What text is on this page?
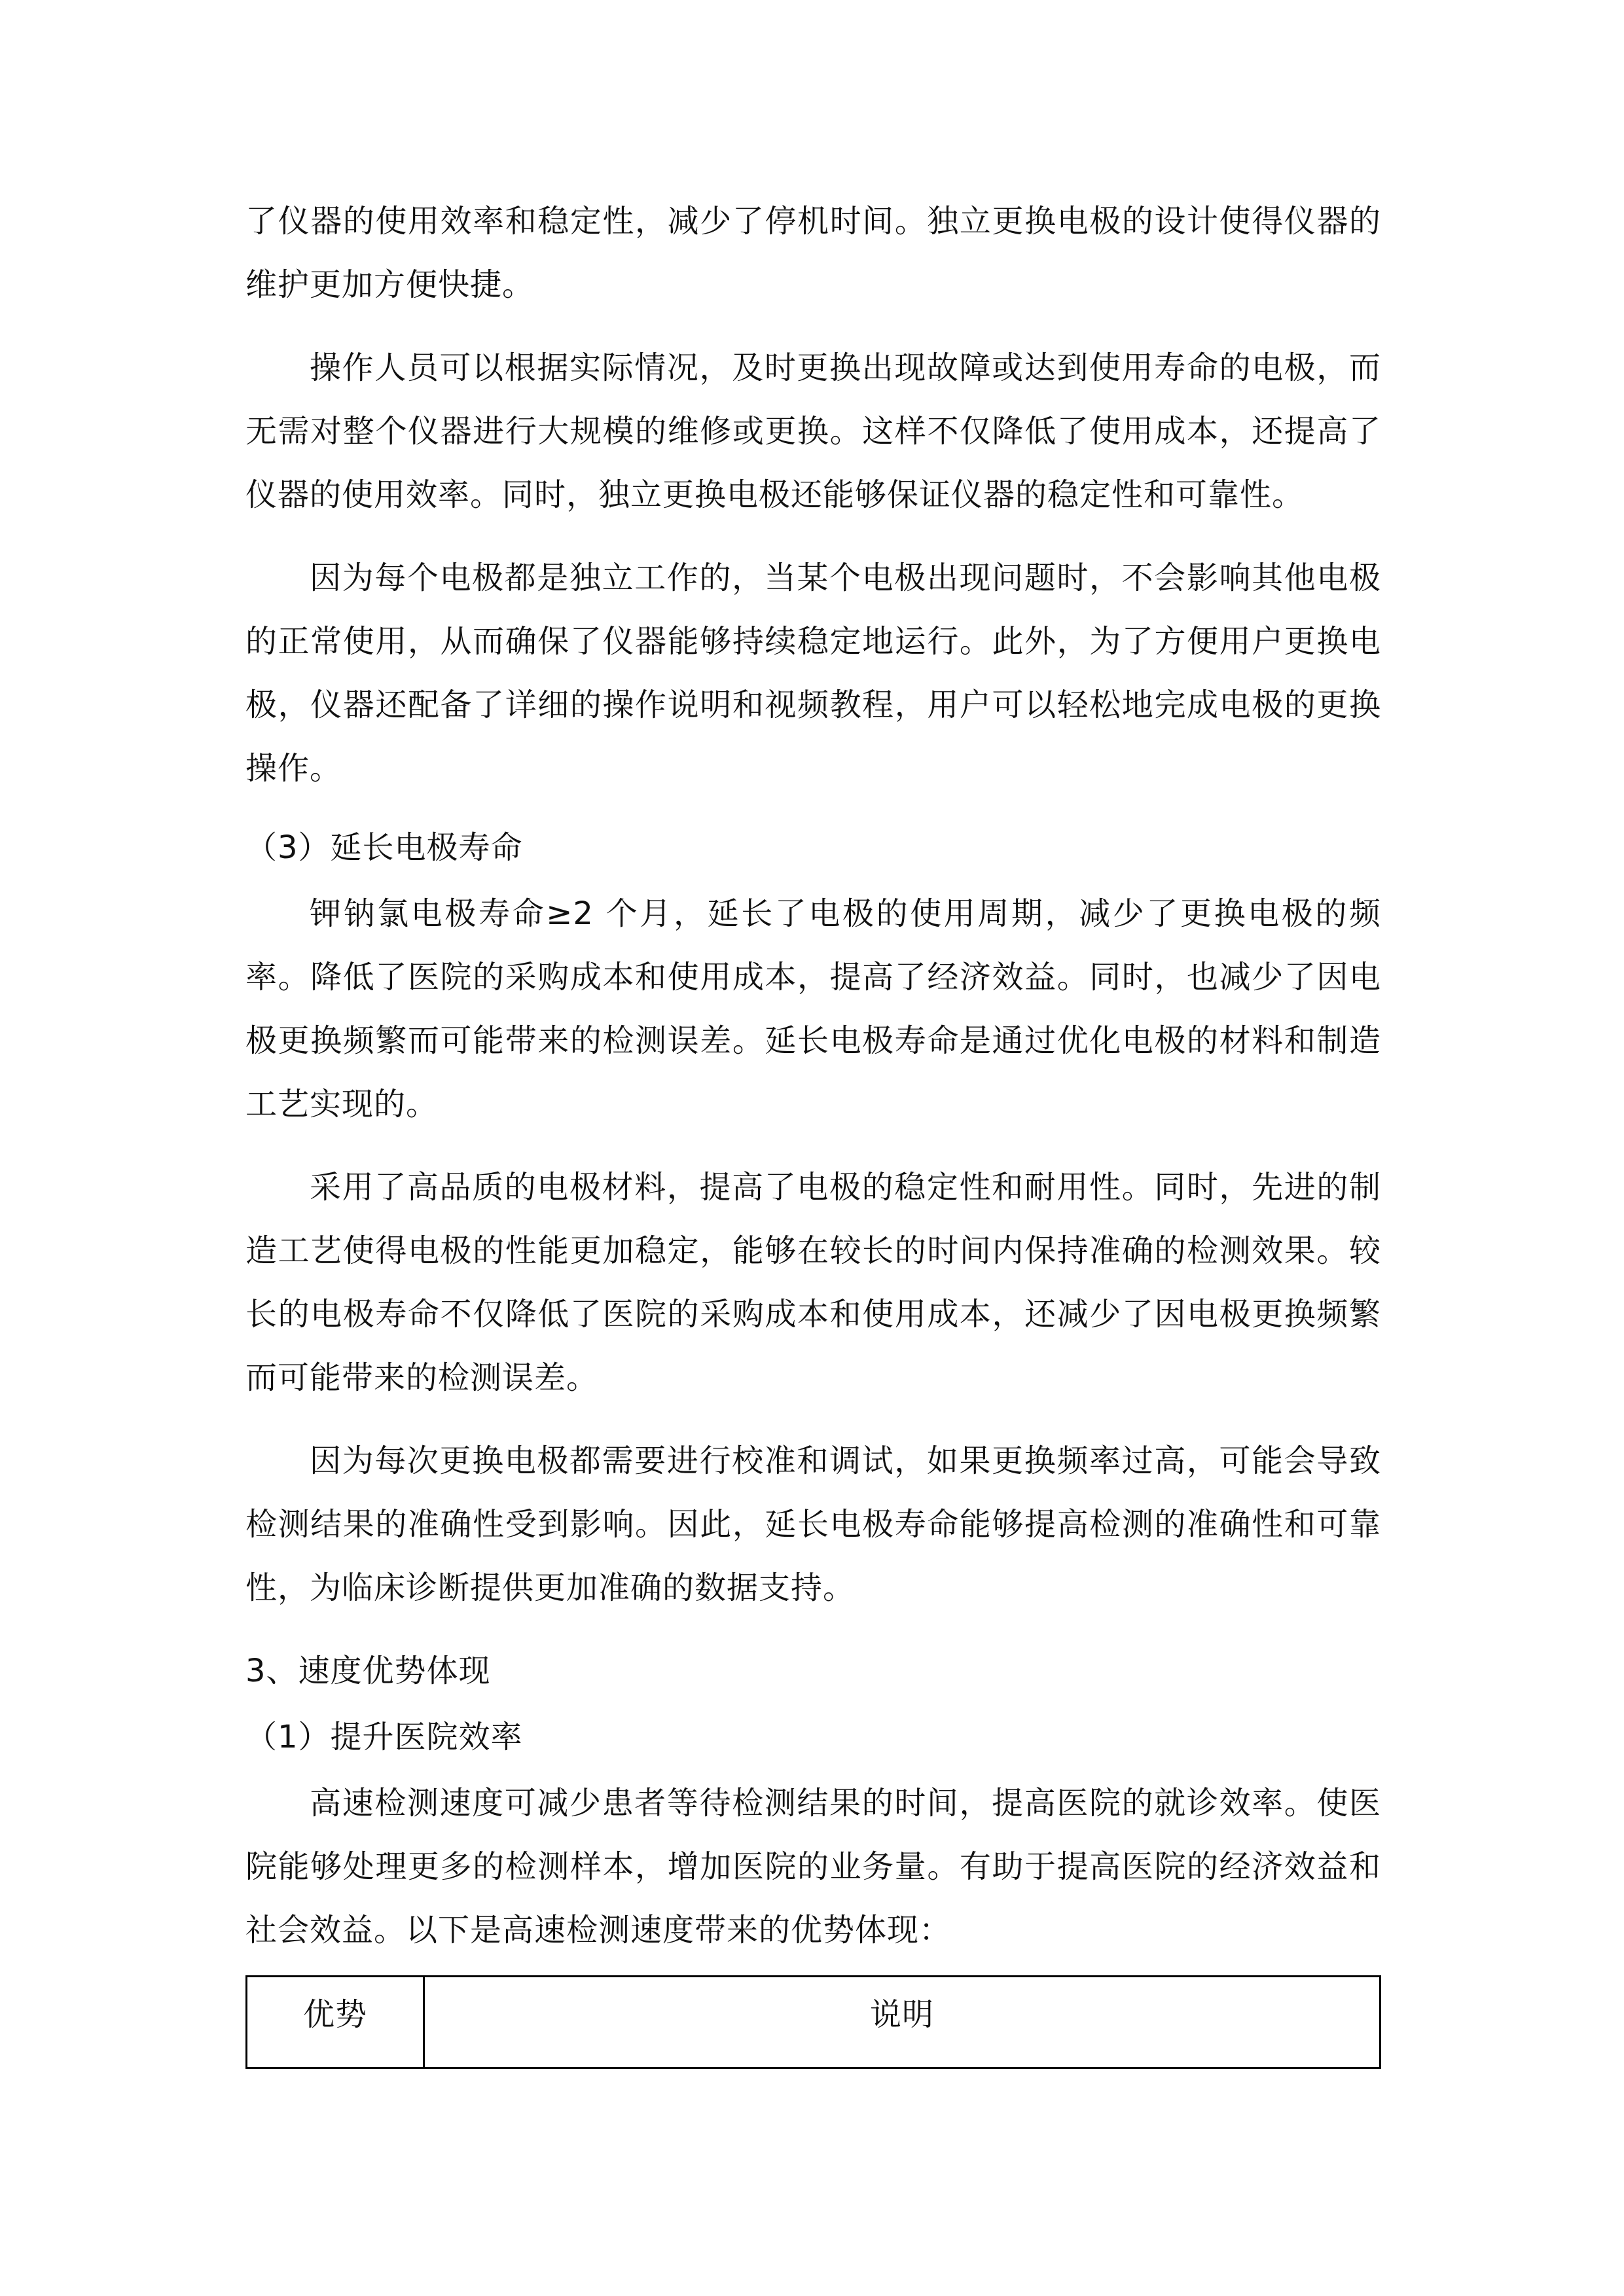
了仪器的使用效率和稳定性，减少了停机时间。独立更换电极的设计使得仪器的维护更加方便快捷。

操作人员可以根据实际情况，及时更换出现故障或达到使用寿命的电极，而无需对整个仪器进行大规模的维修或更换。这样不仅降低了使用成本，还提高了仪器的使用效率。同时，独立更换电极还能够保证仪器的稳定性和可靠性。

因为每个电极都是独立工作的，当某个电极出现问题时，不会影响其他电极的正常使用，从而确保了仪器能够持续稳定地运行。此外，为了方便用户更换电极，仪器还配备了详细的操作说明和视频教程，用户可以轻松地完成电极的更换操作。

（3）延长电极寿命

钾钠氯电极寿命≥2 个月，延长了电极的使用周期，减少了更换电极的频率。降低了医院的采购成本和使用成本，提高了经济效益。同时，也减少了因电极更换频繁而可能带来的检测误差。延长电极寿命是通过优化电极的材料和制造工艺实现的。

采用了高品质的电极材料，提高了电极的稳定性和耐用性。同时，先进的制造工艺使得电极的性能更加稳定，能够在较长的时间内保持准确的检测效果。较长的电极寿命不仅降低了医院的采购成本和使用成本，还减少了因电极更换频繁而可能带来的检测误差。

因为每次更换电极都需要进行校准和调试，如果更换频率过高，可能会导致检测结果的准确性受到影响。因此，延长电极寿命能够提高检测的准确性和可靠性，为临床诊断提供更加准确的数据支持。

3、速度优势体现

（1）提升医院效率

高速检测速度可减少患者等待检测结果的时间，提高医院的就诊效率。使医院能够处理更多的检测样本，增加医院的业务量。有助于提高医院的经济效益和社会效益。以下是高速检测速度带来的优势体现：

优势	说明
